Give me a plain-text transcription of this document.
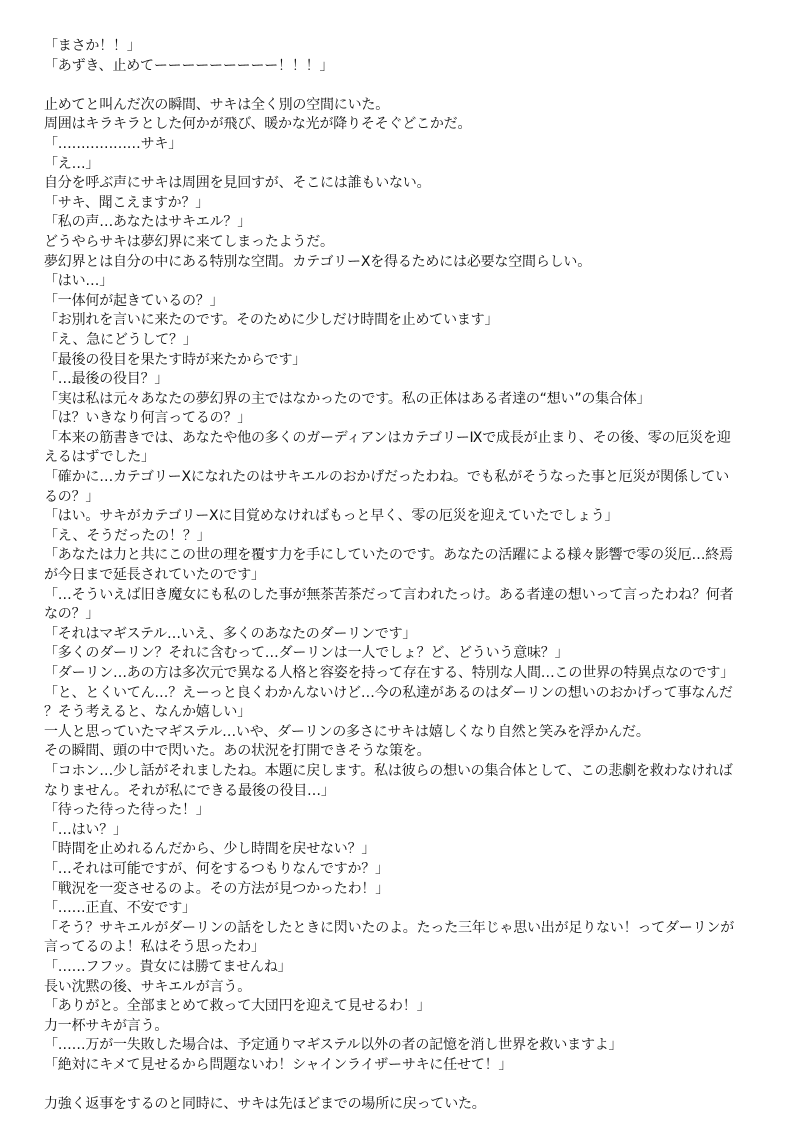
「まさか！！」
「あずき、止めてーーーーーーーーー！！！」
止めてと叫んだ次の瞬間、サキは全く別の空間にいた。
周囲はキラキラとした何かが飛び、暖かな光が降りそそぐどこかだ。
「………………サキ」
「え…」
自分を呼ぶ声にサキは周囲を見回すが、そこには誰もいない。
「サキ、聞こえますか？」
「私の声…あなたはサキエル？」
どうやらサキは夢幻界に来てしまったようだ。
夢幻界とは自分の中にある特別な空間。カテゴリーⅩを得るためには必要な空間らしい。
「はい…」
「一体何が起きているの？」
「お別れを言いに来たのです。そのために少しだけ時間を止めています」
「え、急にどうして？」
「最後の役目を果たす時が来たからです」
「…最後の役目？」
「実は私は元々あなたの夢幻界の主ではなかったのです。私の正体はある者達の“想い”の集合体」
「は？いきなり何言ってるの？」
「本来の筋書きでは、あなたや他の多くのガーディアンはカテゴリーⅨで成長が止まり、その後、零の厄災を迎
えるはずでした」
「確かに…カテゴリーⅩになれたのはサキエルのおかげだったわね。でも私がそうなった事と厄災が関係してい
るの？」
「はい。サキがカテゴリーⅩに目覚めなければもっと早く、零の厄災を迎えていたでしょう」
「え、そうだったの！？」
「あなたは力と共にこの世の理を覆す力を手にしていたのです。あなたの活躍による様々影響で零の災厄…終焉
が今日まで延長されていたのです」
「…そういえば旧き魔女にも私のした事が無茶苦茶だって言われたっけ。ある者達の想いって言ったわね？何者
なの？」
「それはマギステル…いえ、多くのあなたのダーリンです」
「多くのダーリン？それに含むって…ダーリンは一人でしょ？ど、どういう意味？」
「ダーリン…あの方は多次元で異なる人格と容姿を持って存在する、特別な人間…この世界の特異点なのです」
「と、とくいてん…？えーっと良くわかんないけど…今の私達があるのはダーリンの想いのおかげって事なんだ
？そう考えると、なんか嬉しい」
一人と思っていたマギステル…いや、ダーリンの多さにサキは嬉しくなり自然と笑みを浮かんだ。
その瞬間、頭の中で閃いた。あの状況を打開できそうな策を。
「コホン…少し話がそれましたね。本題に戻します。私は彼らの想いの集合体として、この悲劇を救わなければ
なりません。それが私にできる最後の役目…」
「待った待った待った！」
「…はい？」
「時間を止めれるんだから、少し時間を戻せない？」
「…それは可能ですが、何をするつもりなんですか？」
「戦況を一変させるのよ。その方法が見つかったわ！」
「……正直、不安です」
「そう？サキエルがダーリンの話をしたときに閃いたのよ。たった三年じゃ思い出が足りない！ってダーリンが
言ってるのよ！私はそう思ったわ」
「……フフッ。貴女には勝てませんね」
長い沈黙の後、サキエルが言う。
「ありがと。全部まとめて救って大団円を迎えて見せるわ！」
力一杯サキが言う。
「……万が一失敗した場合は、予定通りマギステル以外の者の記憶を消し世界を救いますよ」
「絶対にキメて見せるから問題ないわ！シャインライザーサキに任せて！」
力強く返事をするのと同時に、サキは先ほどまでの場所に戻っていた。
